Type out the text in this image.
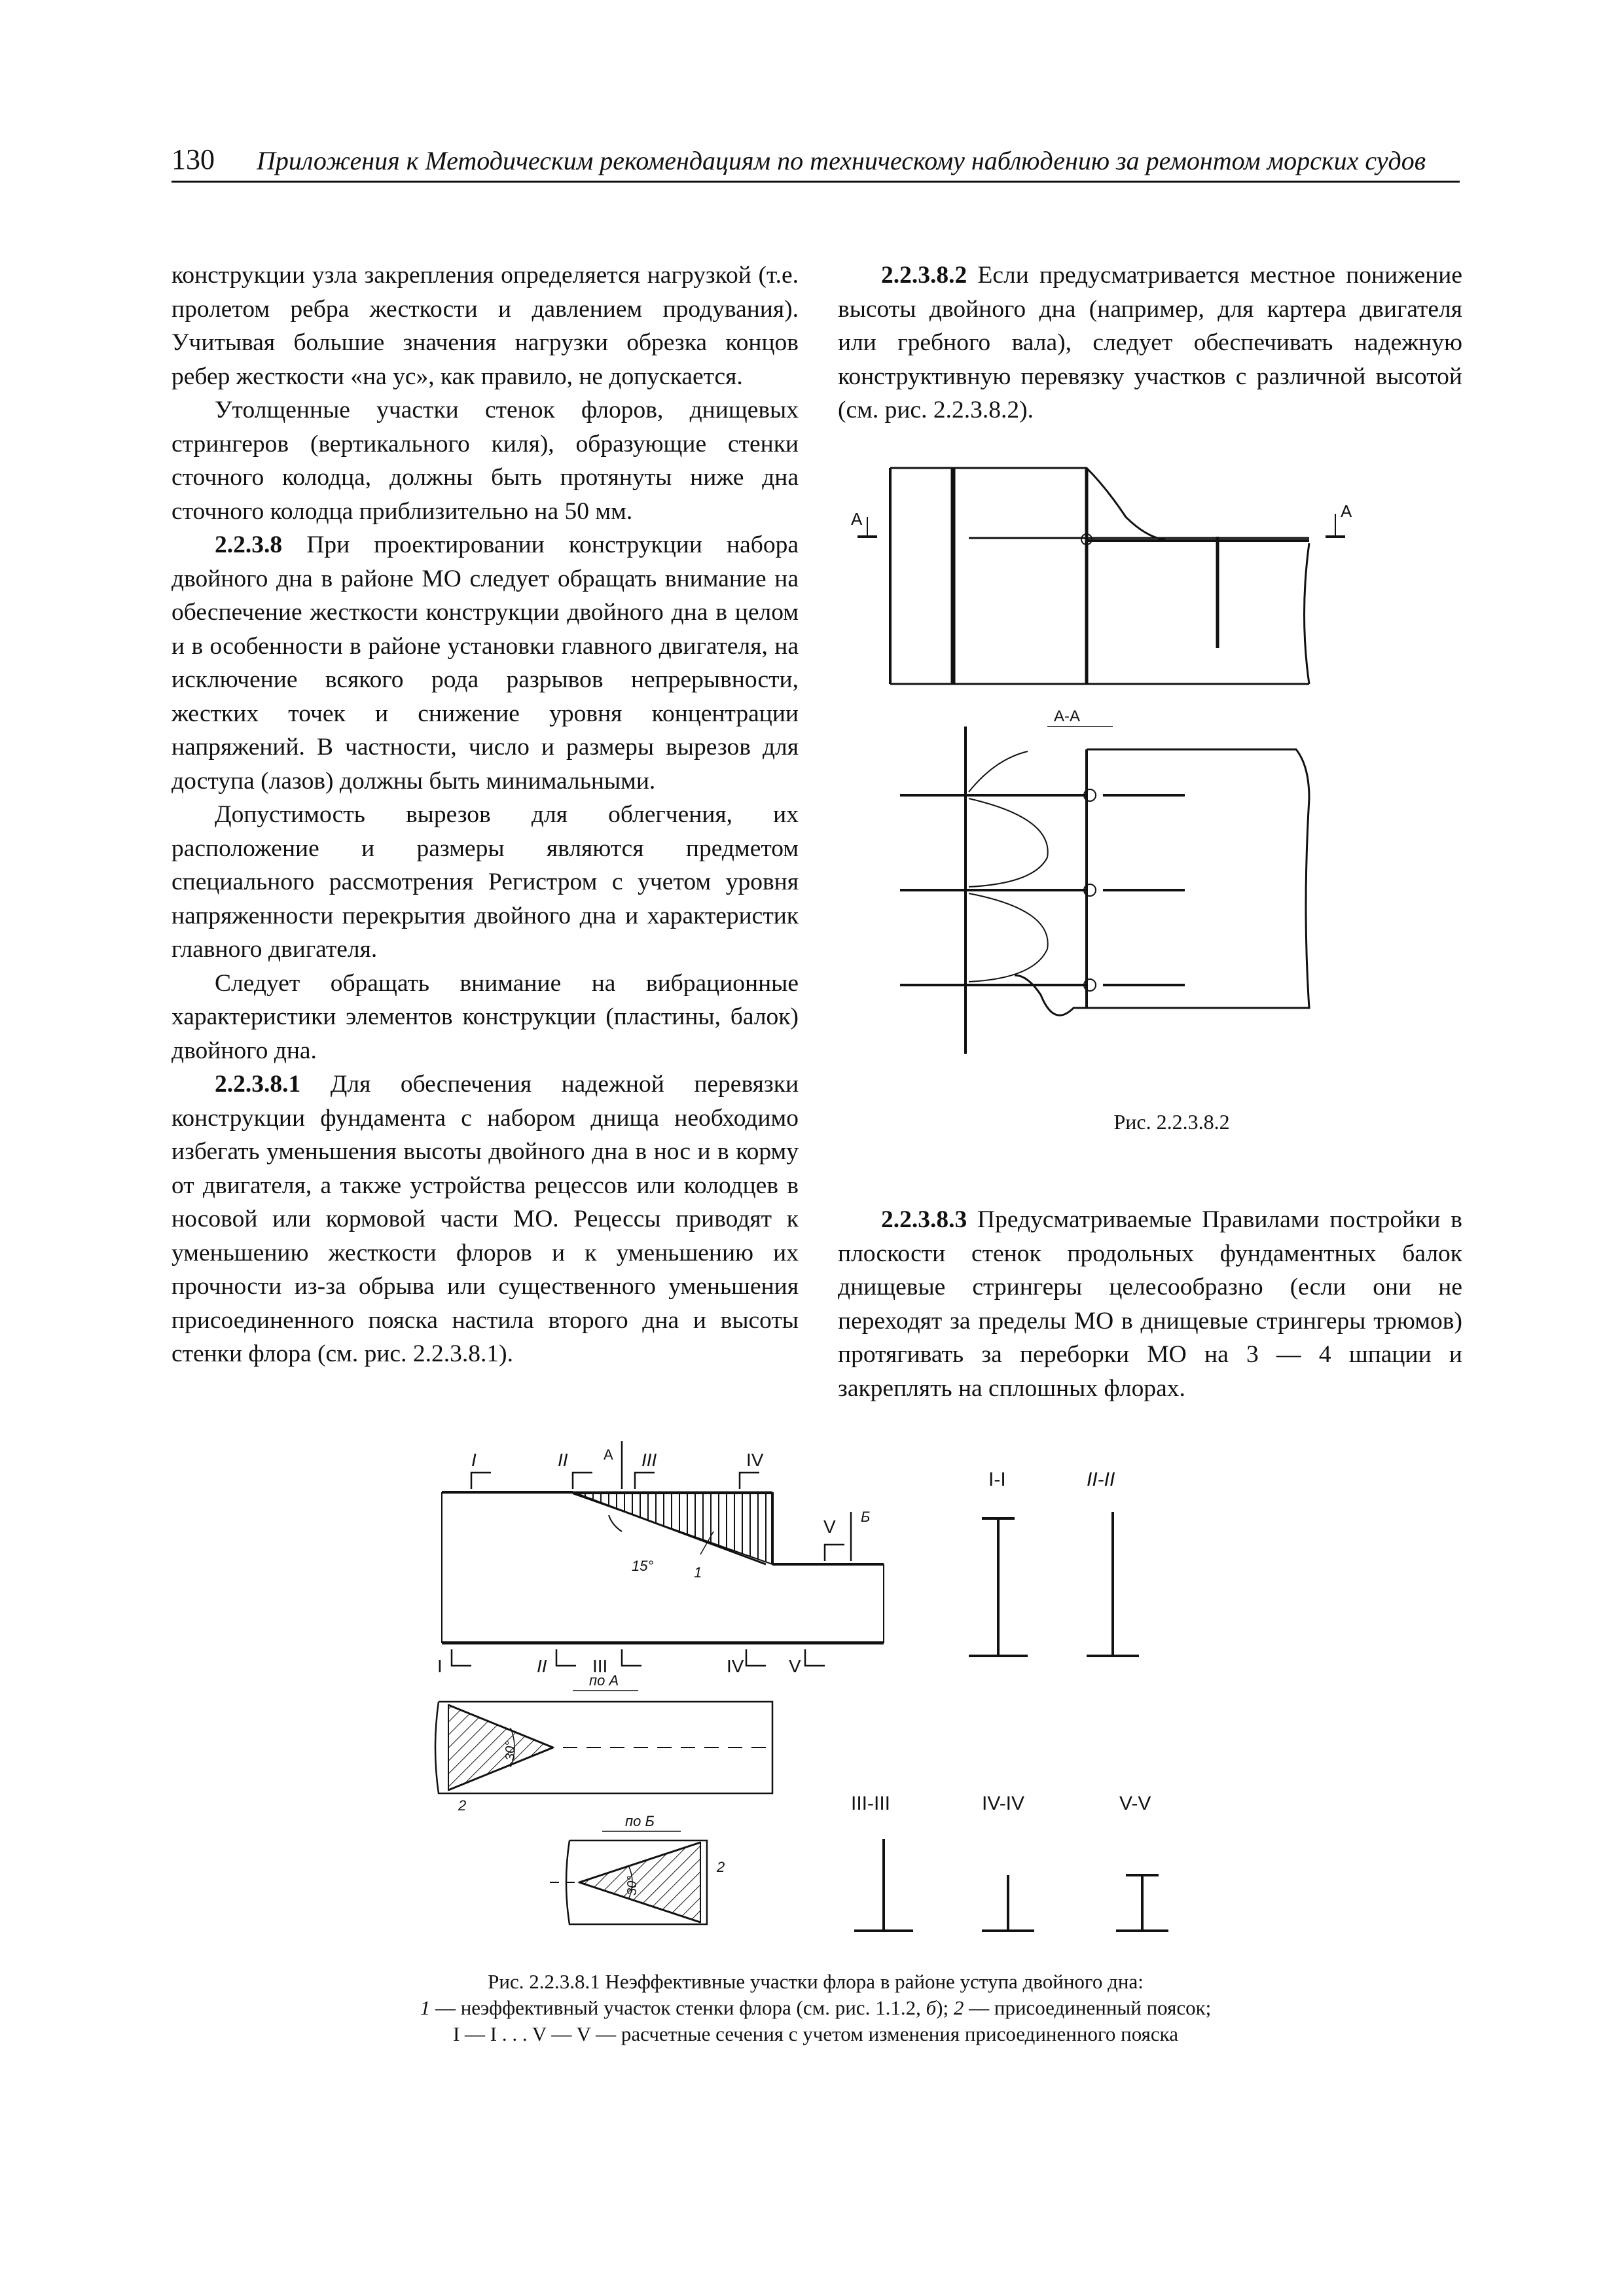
130 Приложения к Методическим рекомендациям по техническому наблюдению за ремонтом морских судов

конструкции узла закрепления определяется нагрузкой (т.е. пролетом ребра жесткости и давлением продувания). Учитывая большие значения нагрузки обрезка концов ребер жесткости «на ус», как правило, не допускается.

Утолщенные участки стенок флоров, днищевых стрингеров (вертикального киля), образующие стенки сточного колодца, должны быть протянуты ниже дна сточного колодца приблизительно на 50 мм.

2.2.3.8 При проектировании конструкции набора двойного дна в районе МО следует обращать внимание на обеспечение жесткости конструкции двойного дна в целом и в особенности в районе установки главного двигателя, на исключение всякого рода разрывов непрерывности, жестких точек и снижение уровня концентрации напряжений. В частности, число и размеры вырезов для доступа (лазов) должны быть минимальными.

Допустимость вырезов для облегчения, их расположение и размеры являются предметом специального рассмотрения Регистром с учетом уровня напряженности перекрытия двойного дна и характеристик главного двигателя.

Следует обращать внимание на вибрационные характеристики элементов конструкции (пластины, балок) двойного дна.

2.2.3.8.1 Для обеспечения надежной перевязки конструкции фундамента с набором днища необходимо избегать уменьшения высоты двойного дна в нос и в корму от двигателя, а также устройства рецессов или колодцев в носовой или кормовой части МО. Рецессы приводят к уменьшению жесткости флоров и к уменьшению их прочности из-за обрыва или существенного уменьшения присоединенного пояска настила второго дна и высоты стенки флора (см. рис. 2.2.3.8.1).

2.2.3.8.2 Если предусматривается местное понижение высоты двойного дна (например, для картера двигателя или гребного вала), следует обеспечивать надежную конструктивную перевязку участков с различной высотой (см. рис. 2.2.3.8.2).

А	А
А-А
Рис. 2.2.3.8.2

2.2.3.8.3 Предусматриваемые Правилами постройки в плоскости стенок продольных фундаментных балок днищевые стрингеры целесообразно (если они не переходят за пределы МО в днищевые стрингеры трюмов) протягивать за переборки МО на 3 — 4 шпации и закреплять на сплошных флорах.

I	II	III	IV
V
А
Б
15°	1
I	II III	IV V
по А
30°
2
по Б
30°
2
I-I	II-II
III-III	IV-IV	V-V
Рис. 2.2.3.8.1 Неэффективные участки флора в районе уступа двойного дна:
1 — неэффективный участок стенки флора (см. рис. 1.1.2, б); 2 — присоединенный поясок;
I — I . . . V — V — расчетные сечения с учетом изменения присоединенного пояска
